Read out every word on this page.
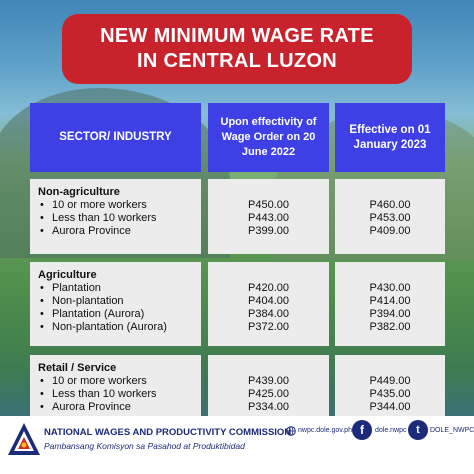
NEW MINIMUM WAGE RATE
IN CENTRAL LUZON
SECTOR/ INDUSTRY
Upon effectivity of Wage Order on 20 June 2022
Effective on 01 January 2023
Non-agriculture
• 10 or more workers
• Less than 10 workers
• Aurora Province
P450.00
P443.00
P399.00
P460.00
P453.00
P409.00
Agriculture
• Plantation
• Non-plantation
• Plantation (Aurora)
• Non-plantation (Aurora)
P420.00
P404.00
P384.00
P372.00
P430.00
P414.00
P394.00
P382.00
Retail / Service
• 10 or more workers
• Less than 10 workers
• Aurora Province
P439.00
P425.00
P334.00
P449.00
P435.00
P344.00
NATIONAL WAGES AND PRODUCTIVITY COMMISSION
Pambansang Komisyon sa Pasahod at Produktibidad
nwpc.dole.gov.ph f	dole.nwpc t	DOLE_NWPC
